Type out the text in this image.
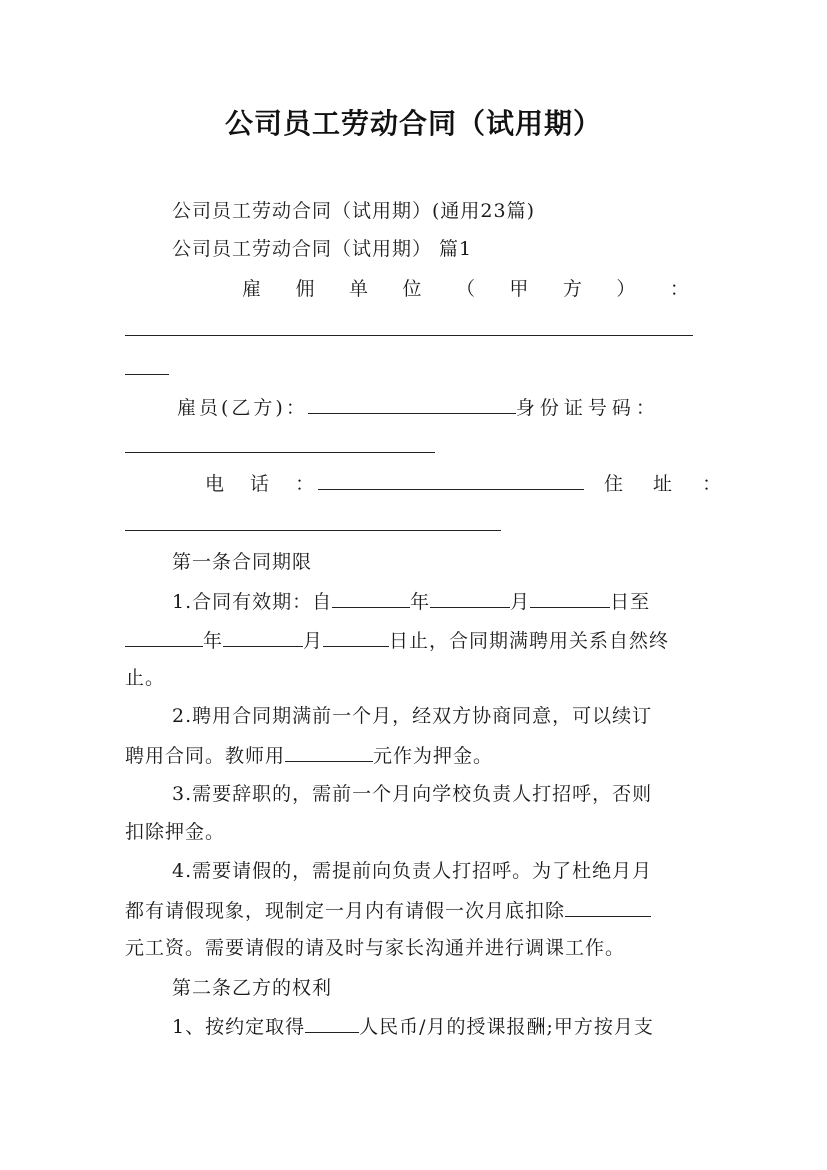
公司员工劳动合同（试用期）
公司员工劳动合同（试用期）(通用23篇)
公司员工劳动合同（试用期） 篇1
雇 佣 单 位 （ 甲 方 ） ：
雇员(乙方)：	身份证号码：
电 话 ：	住 址 ：
第一条合同期限
1.合同有效期：自	年	月	日至
年	月	日止，合同期满聘用关系自然终
止。
2.聘用合同期满前一个月，经双方协商同意，可以续订
聘用合同。教师用	元作为押金。
3.需要辞职的，需前一个月向学校负责人打招呼，否则
扣除押金。
4.需要请假的，需提前向负责人打招呼。为了杜绝月月
都有请假现象，现制定一月内有请假一次月底扣除
元工资。需要请假的请及时与家长沟通并进行调课工作。
第二条乙方的权利
1、按约定取得	人民币/月的授课报酬;甲方按月支
